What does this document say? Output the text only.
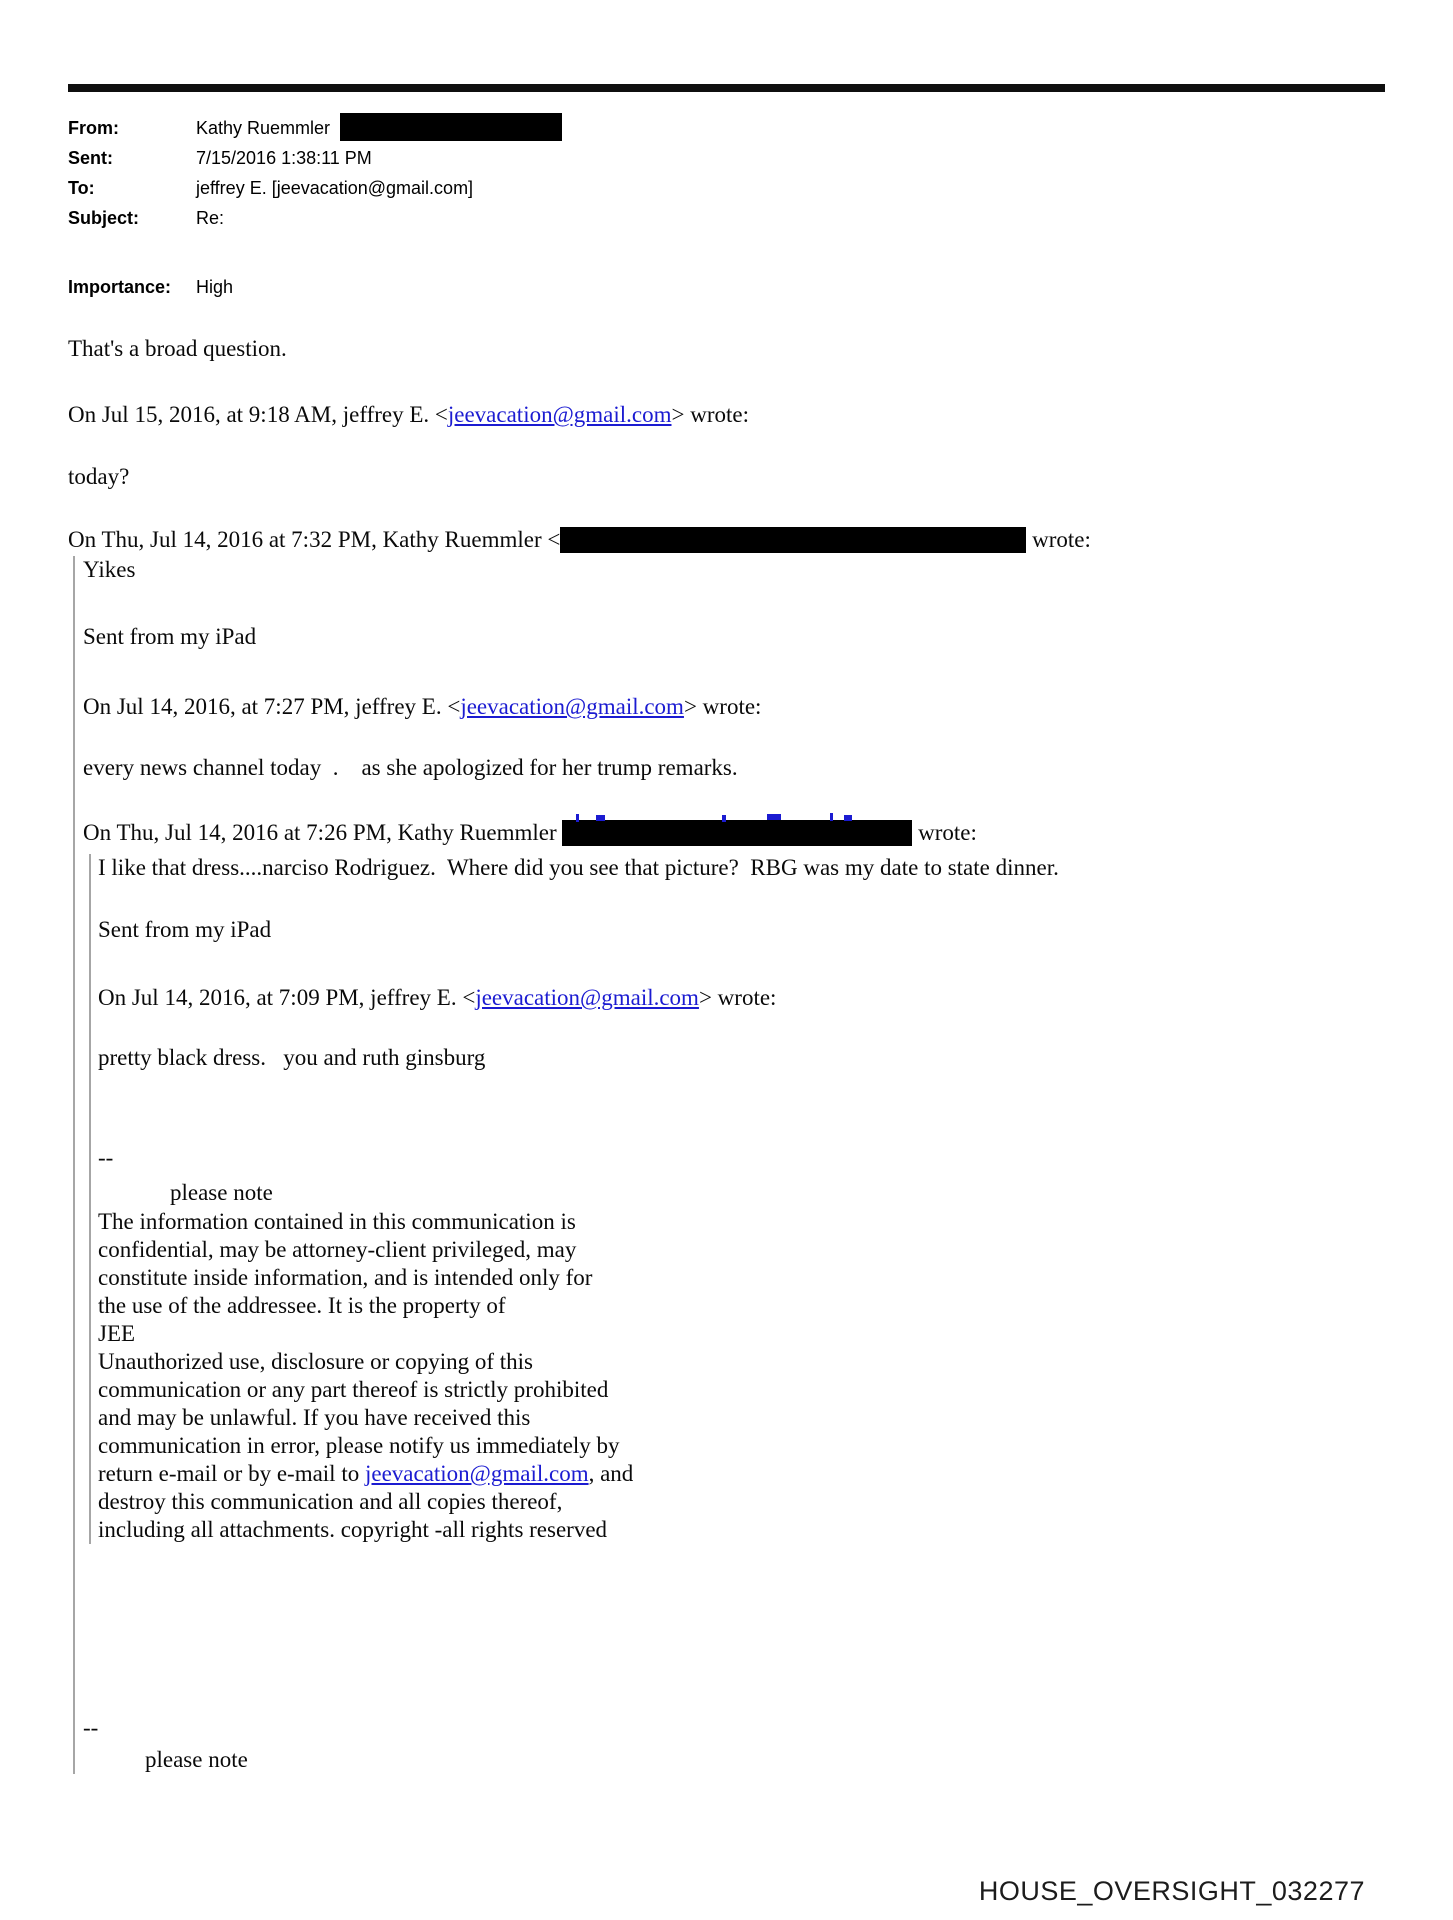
From:	Kathy Ruemmler
Sent:	7/15/2016 1:38:11 PM
To:	jeffrey E. [jeevacation@gmail.com]
Subject:	Re:
Importance:	High
That's a broad question.
On Jul 15, 2016, at 9:18 AM, jeffrey E. <jeevacation@gmail.com> wrote:
today?
On Thu, Jul 14, 2016 at 7:32 PM, Kathy Ruemmler <	wrote:
Yikes
Sent from my iPad
On Jul 14, 2016, at 7:27 PM, jeffrey E. <jeevacation@gmail.com> wrote:
every news channel today  .    as she apologized for her trump remarks.
On Thu, Jul 14, 2016 at 7:26 PM, Kathy Ruemmler	wrote:
I like that dress....narciso Rodriguez.  Where did you see that picture?  RBG was my date to state dinner.
Sent from my iPad
On Jul 14, 2016, at 7:09 PM, jeffrey E. <jeevacation@gmail.com> wrote:
pretty black dress.   you and ruth ginsburg
--
please note
The information contained in this communication is
confidential, may be attorney-client privileged, may
constitute inside information, and is intended only for
the use of the addressee. It is the property of
JEE
Unauthorized use, disclosure or copying of this
communication or any part thereof is strictly prohibited
and may be unlawful. If you have received this
communication in error, please notify us immediately by
return e-mail or by e-mail to jeevacation@gmail.com, and
destroy this communication and all copies thereof,
including all attachments. copyright -all rights reserved
--
please note
HOUSE_OVERSIGHT_032277
